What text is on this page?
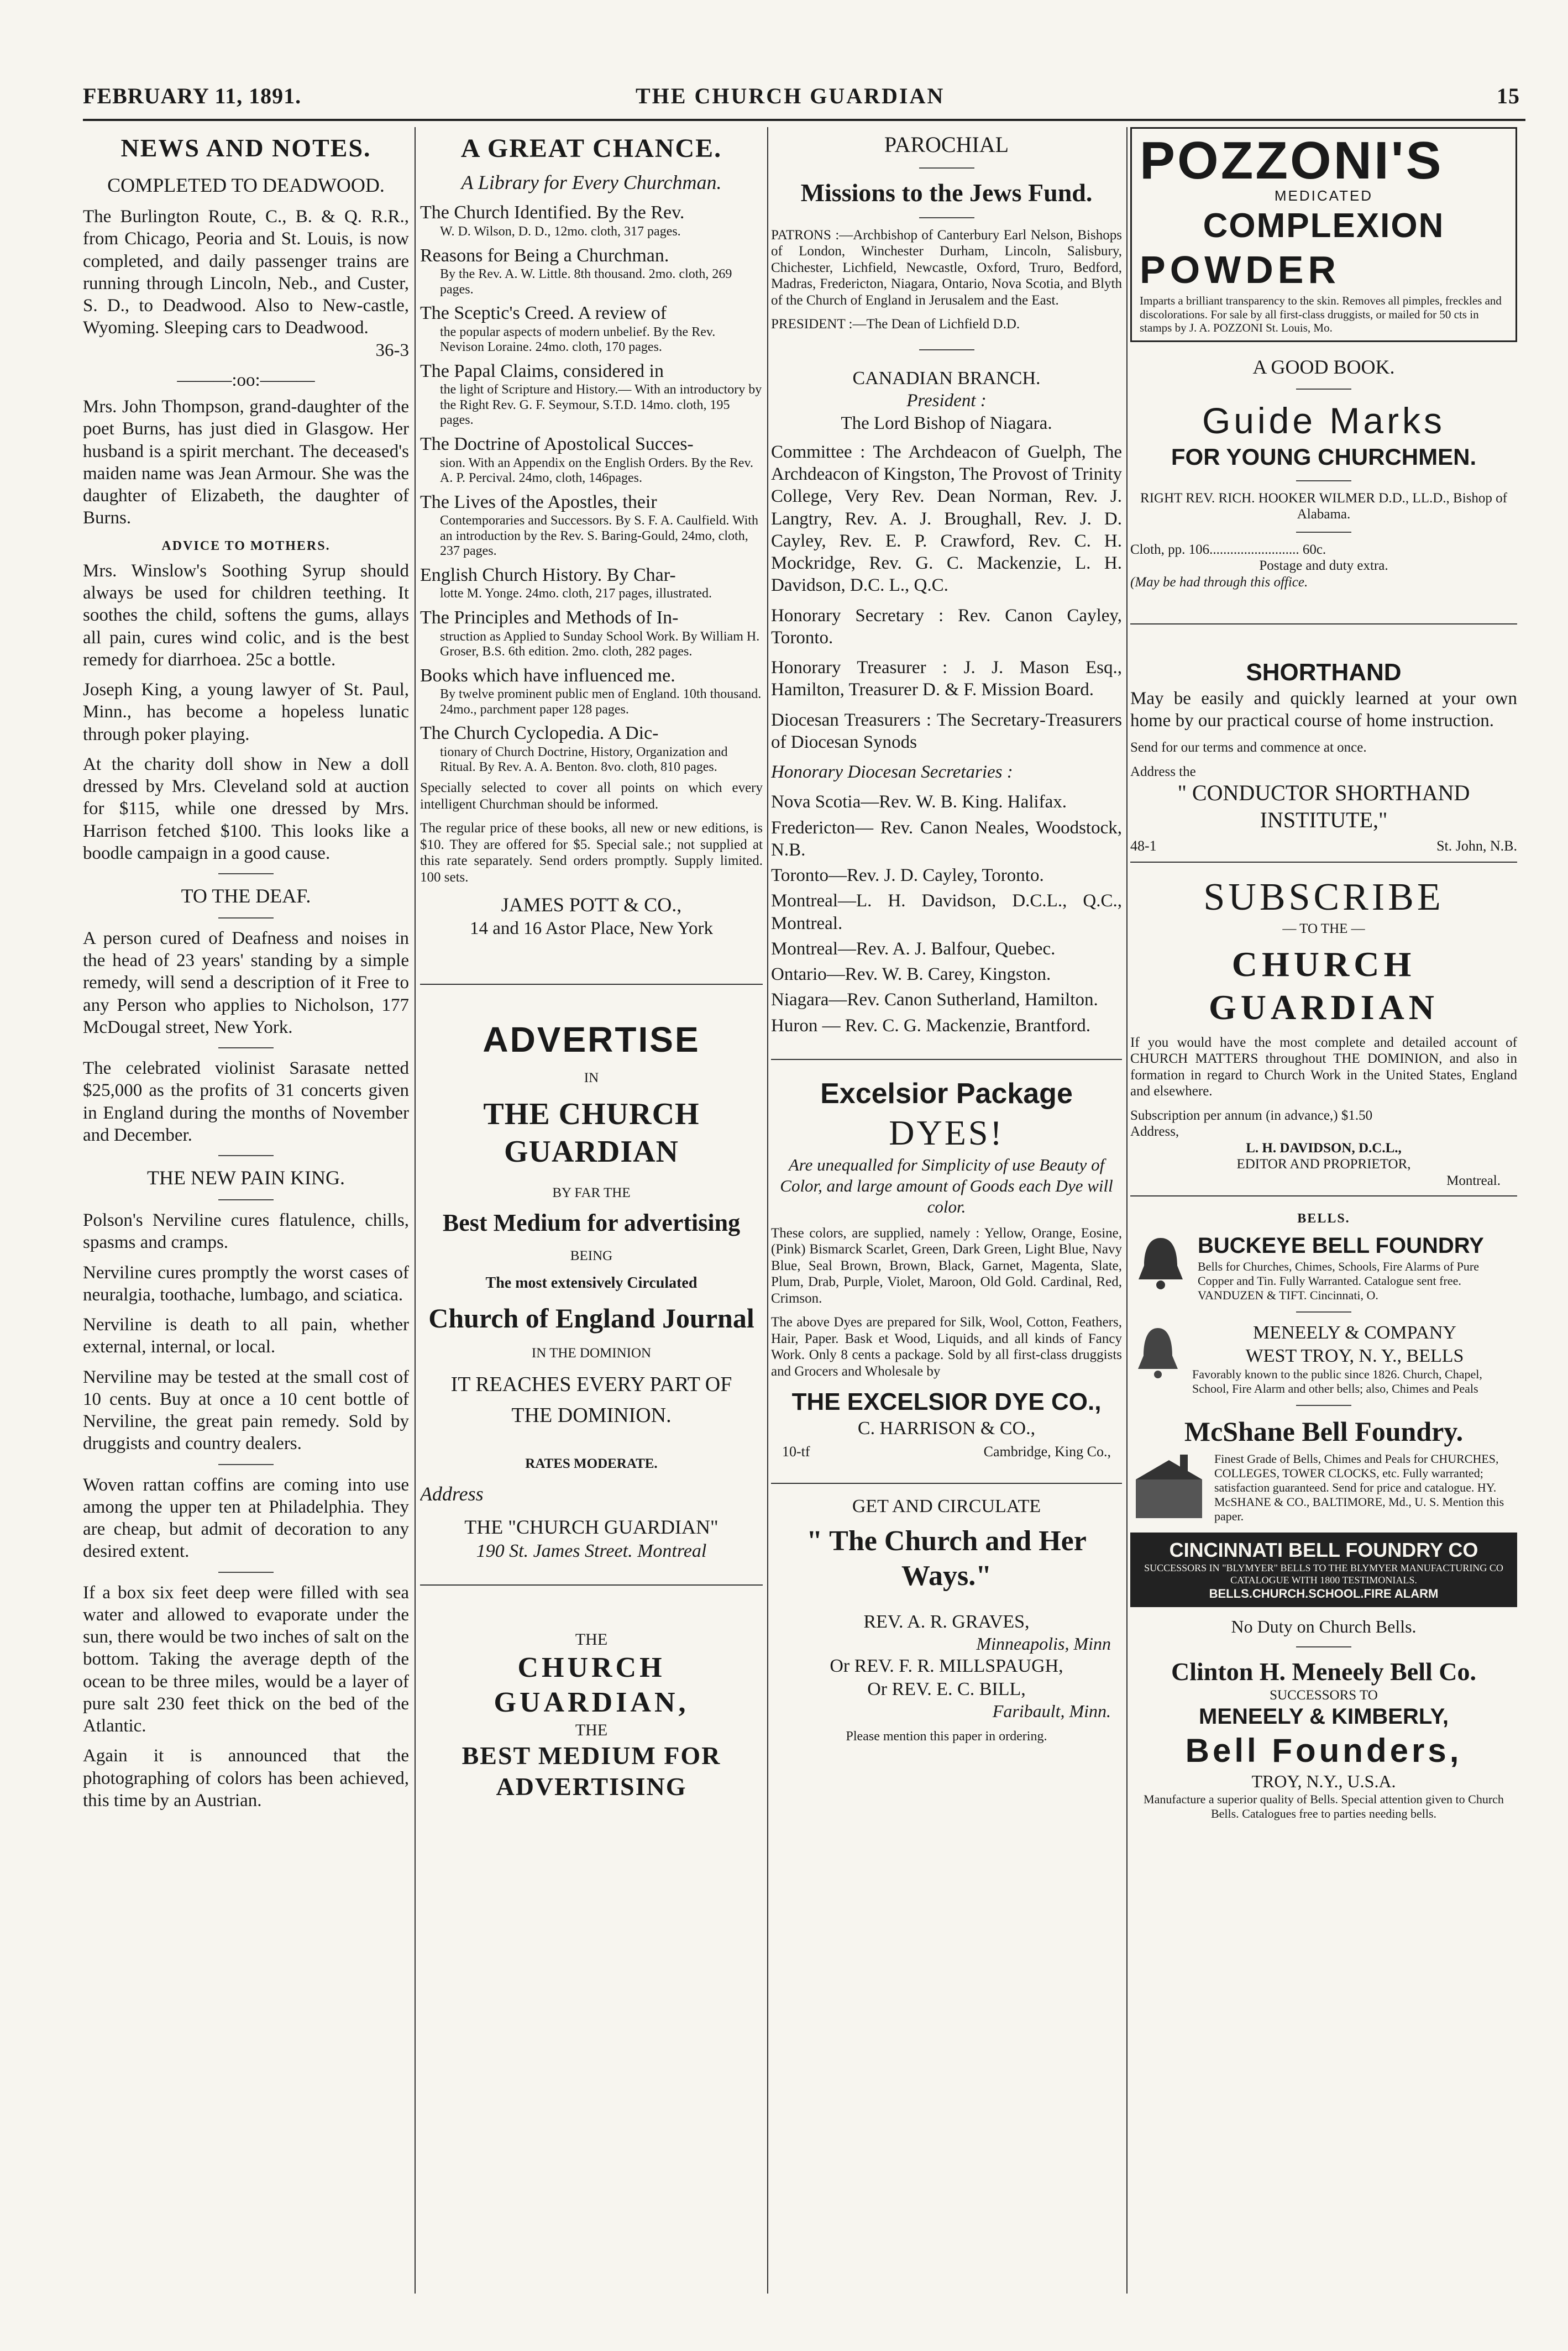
FEBRUARY 11, 1891.	THE CHURCH GUARDIAN	15
NEWS AND NOTES.
COMPLETED TO DEADWOOD.

The Burlington Route, C., B. & Q. R.R., from Chicago, Peoria and St. Louis, is now completed, and daily passenger trains are running through Lincoln, Neb., and Custer, S. D., to Deadwood. Also to New-castle, Wyoming. Sleeping cars to Deadwood.

36-3

———:oo:———

Mrs. John Thompson, grand-daughter of the poet Burns, has just died in Glasgow. Her husband is a spirit merchant. The deceased's maiden name was Jean Armour. She was the daughter of Elizabeth, the daughter of Burns.

ADVICE TO MOTHERS.

Mrs. Winslow's Soothing Syrup should always be used for children teething. It soothes the child, softens the gums, allays all pain, cures wind colic, and is the best remedy for diarrhoea. 25c a bottle.

Joseph King, a young lawyer of St. Paul, Minn., has become a hopeless lunatic through poker playing.

At the charity doll show in New a doll dressed by Mrs. Cleveland sold at auction for $115, while one dressed by Mrs. Harrison fetched $100. This looks like a boodle campaign in a good cause.

TO THE DEAF.

A person cured of Deafness and noises in the head of 23 years' standing by a simple remedy, will send a description of it Free to any Person who applies to Nicholson, 177 McDougal street, New York.

The celebrated violinist Sarasate netted $25,000 as the profits of 31 concerts given in England during the months of November and December.

THE NEW PAIN KING.

Polson's Nerviline cures flatulence, chills, spasms and cramps.

Nerviline cures promptly the worst cases of neuralgia, toothache, lumbago, and sciatica.

Nerviline is death to all pain, whether external, internal, or local.

Nerviline may be tested at the small cost of 10 cents. Buy at once a 10 cent bottle of Nerviline, the great pain remedy. Sold by druggists and country dealers.

Woven rattan coffins are coming into use among the upper ten at Philadelphia. They are cheap, but admit of decoration to any desired extent.

If a box six feet deep were filled with sea water and allowed to evaporate under the sun, there would be two inches of salt on the bottom. Taking the average depth of the ocean to be three miles, would be a layer of pure salt 230 feet thick on the bed of the Atlantic.

Again it is announced that the photographing of colors has been achieved, this time by an Austrian.

A GREAT CHANCE.
A Library for Every Churchman.
The Church Identified. By the Rev.
W. D. Wilson, D. D., 12mo. cloth, 317 pages.
Reasons for Being a Churchman.
By the Rev. A. W. Little. 8th thousand. 2mo. cloth, 269 pages.
The Sceptic's Creed. A review of
the popular aspects of modern unbelief. By the Rev. Nevison Loraine. 24mo. cloth, 170 pages.
The Papal Claims, considered in
the light of Scripture and History.— With an introductory by the Right Rev. G. F. Seymour, S.T.D. 14mo. cloth, 195 pages.
The Doctrine of Apostolical Succes-
sion. With an Appendix on the English Orders. By the Rev. A. P. Percival. 24mo, cloth, 146pages.
The Lives of the Apostles, their
Contemporaries and Successors. By S. F. A. Caulfield. With an introduction by the Rev. S. Baring-Gould, 24mo, cloth, 237 pages.
English Church History. By Char-
lotte M. Yonge. 24mo. cloth, 217 pages, illustrated.
The Principles and Methods of In-
struction as Applied to Sunday School Work. By William H. Groser, B.S. 6th edition. 2mo. cloth, 282 pages.
Books which have influenced me.
By twelve prominent public men of England. 10th thousand. 24mo., parchment paper 128 pages.
The Church Cyclopedia. A Dic-
tionary of Church Doctrine, History, Organization and Ritual. By Rev. A. A. Benton. 8vo. cloth, 810 pages.

Specially selected to cover all points on which every intelligent Churchman should be informed.

The regular price of these books, all new or new editions, is $10. They are offered for $5. Special sale.; not supplied at this rate separately. Send orders promptly. Supply limited. 100 sets.

JAMES POTT & CO.,
14 and 16 Astor Place, New York
ADVERTISE
IN
THE CHURCH GUARDIAN
BY FAR THE
Best Medium for advertising
BEING
The most extensively Circulated
Church of England Journal
IN THE DOMINION
IT REACHES EVERY PART OF
THE DOMINION.
RATES MODERATE.
Address
THE "CHURCH GUARDIAN"
190 St. James Street. Montreal
THE
CHURCH GUARDIAN,
THE
BEST MEDIUM FOR ADVERTISING
PAROCHIAL
Missions to the Jews Fund.

PATRONS :—Archbishop of Canterbury Earl Nelson, Bishops of London, Winchester Durham, Lincoln, Salisbury, Chichester, Lichfield, Newcastle, Oxford, Truro, Bedford, Madras, Fredericton, Niagara, Ontario, Nova Scotia, and Blyth of the Church of England in Jerusalem and the East.

PRESIDENT :—The Dean of Lichfield D.D.

CANADIAN BRANCH.
President :
The Lord Bishop of Niagara.

Committee : The Archdeacon of Guelph, The Archdeacon of Kingston, The Provost of Trinity College, Very Rev. Dean Norman, Rev. J. Langtry, Rev. A. J. Broughall, Rev. J. D. Cayley, Rev. E. P. Crawford, Rev. C. H. Mockridge, Rev. G. C. Mackenzie, L. H. Davidson, D.C. L., Q.C.

Honorary Secretary : Rev. Canon Cayley, Toronto.

Honorary Treasurer : J. J. Mason Esq., Hamilton, Treasurer D. & F. Mission Board.

Diocesan Treasurers : The Secretary-Treasurers of Diocesan Synods

Honorary Diocesan Secretaries :

Nova Scotia—Rev. W. B. King. Halifax.

Fredericton— Rev. Canon Neales, Woodstock, N.B.

Toronto—Rev. J. D. Cayley, Toronto.

Montreal—L. H. Davidson, D.C.L., Q.C., Montreal.

Montreal—Rev. A. J. Balfour, Quebec.

Ontario—Rev. W. B. Carey, Kingston.

Niagara—Rev. Canon Sutherland, Hamilton.

Huron — Rev. C. G. Mackenzie, Brantford.

Excelsior Package
DYES!

Are unequalled for Simplicity of use Beauty of Color, and large amount of Goods each Dye will color.

These colors, are supplied, namely : Yellow, Orange, Eosine, (Pink) Bismarck Scarlet, Green, Dark Green, Light Blue, Navy Blue, Seal Brown, Brown, Black, Garnet, Magenta, Slate, Plum, Drab, Purple, Violet, Maroon, Old Gold. Cardinal, Red, Crimson.

The above Dyes are prepared for Silk, Wool, Cotton, Feathers, Hair, Paper. Bask et Wood, Liquids, and all kinds of Fancy Work. Only 8 cents a package. Sold by all first-class druggists and Grocers and Wholesale by

THE EXCELSIOR DYE CO.,
C. HARRISON & CO.,
10-tf	Cambridge, King Co.,
GET AND CIRCULATE
" The Church and Her Ways."
REV. A. R. GRAVES,
Minneapolis, Minn
Or REV. F. R. MILLSPAUGH,
Or REV. E. C. BILL,
Faribault, Minn.
Please mention this paper in ordering.
POZZONI'S
MEDICATED
COMPLEXION
POWDER
Imparts a brilliant transparency to the skin. Removes all pimples, freckles and discolorations. For sale by all first-class druggists, or mailed for 50 cts in stamps by J. A. POZZONI St. Louis, Mo.
A GOOD BOOK.
Guide Marks
FOR YOUNG CHURCHMEN.
RIGHT REV. RICH. HOOKER WILMER D.D., LL.D., Bishop of Alabama.
Cloth, pp. 106.......................... 60c.
Postage and duty extra.
(May be had through this office.
SHORTHAND

May be easily and quickly learned at your own home by our practical course of home instruction.

Send for our terms and commence at once.

Address the
" CONDUCTOR SHORTHAND INSTITUTE,"
48-1	St. John, N.B.
SUBSCRIBE
— TO THE —
CHURCH GUARDIAN

If you would have the most complete and detailed account of CHURCH MATTERS throughout THE DOMINION, and also in formation in regard to Church Work in the United States, England and elsewhere.

Subscription per annum (in advance,) $1.50
Address,
L. H. DAVIDSON, D.C.L.,
EDITOR AND PROPRIETOR,
Montreal.
BELLS.
BUCKEYE BELL FOUNDRY
Bells for Churches, Chimes, Schools, Fire Alarms of Pure Copper and Tin. Fully Warranted. Catalogue sent free. VANDUZEN & TIFT. Cincinnati, O.
MENEELY & COMPANY
WEST TROY, N. Y., BELLS
Favorably known to the public since 1826. Church, Chapel, School, Fire Alarm and other bells; also, Chimes and Peals
McShane Bell Foundry.
Finest Grade of Bells, Chimes and Peals for CHURCHES, COLLEGES, TOWER CLOCKS, etc. Fully warranted; satisfaction guaranteed. Send for price and catalogue. HY. McSHANE & CO., BALTIMORE, Md., U. S. Mention this paper.
CINCINNATI BELL FOUNDRY CO
SUCCESSORS IN "BLYMYER" BELLS TO THE BLYMYER MANUFACTURING CO
CATALOGUE WITH 1800 TESTIMONIALS.
BELLS.CHURCH.SCHOOL.FIRE ALARM
No Duty on Church Bells.
Clinton H. Meneely Bell Co.
SUCCESSORS TO
MENEELY & KIMBERLY,
Bell Founders,
TROY, N.Y., U.S.A.
Manufacture a superior quality of Bells. Special attention given to Church Bells. Catalogues free to parties needing bells.
